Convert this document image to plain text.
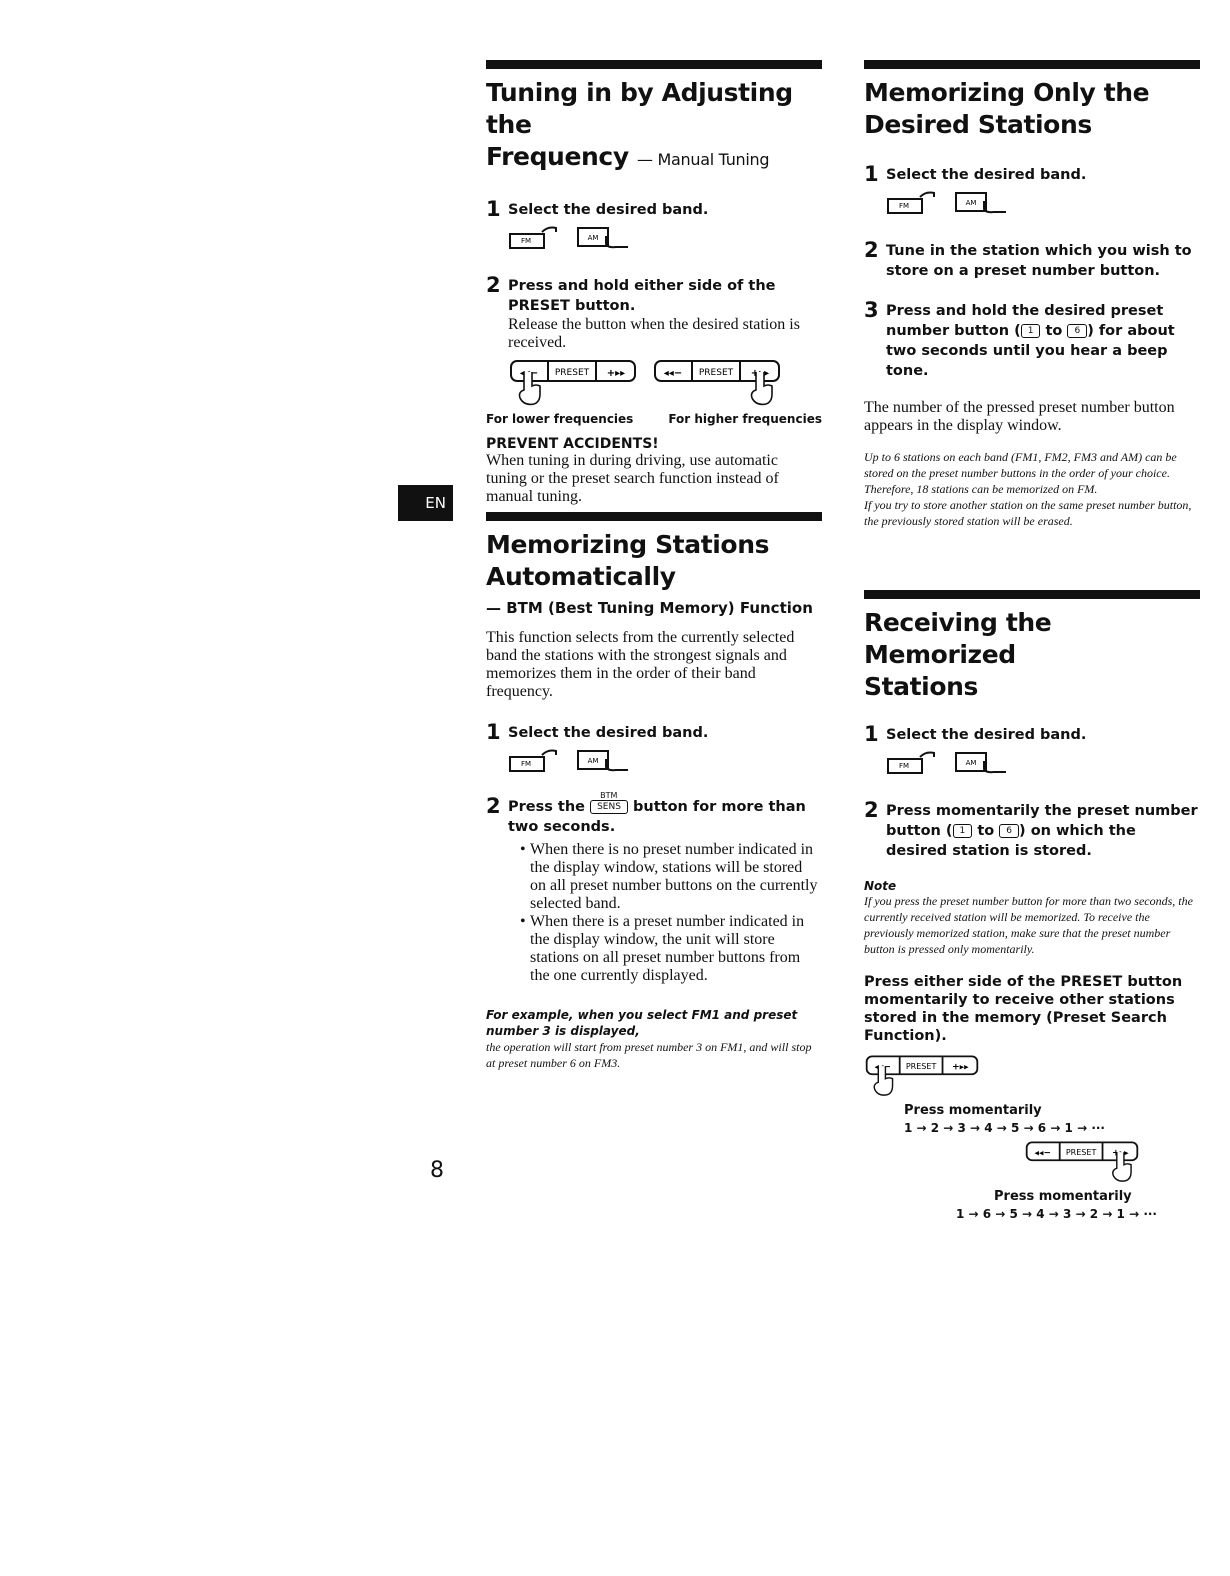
EN
8
Tuning in by Adjusting the
Frequency — Manual Tuning
1 Select the desired band.
2 Press and hold either side of the PRESET button.
Release the button when the desired station is received.
For lower frequencies	For higher frequencies
PREVENT ACCIDENTS!
When tuning in during driving, use automatic tuning or the preset search function instead of manual tuning.
Memorizing Stations
Automatically
— BTM (Best Tuning Memory) Function
This function selects from the currently selected band the stations with the strongest signals and memorizes them in the order of their band frequency.
1 Select the desired band.
2 Press the
BTM
SENS button for more than two seconds.
• When there is no preset number indicated in the display window, stations will be stored on all preset number buttons on the currently selected band.
• When there is a preset number indicated in the display window, the unit will store stations on all preset number buttons from the one currently displayed.
For example, when you select FM1 and preset number 3 is displayed,
the operation will start from preset number 3 on FM1, and will stop at preset number 6 on FM3.
Memorizing Only the
Desired Stations
1 Select the desired band.
2 Tune in the station which you wish to store on a preset number button.
3 Press and hold the desired preset number button ( 1 to 6 ) for about two seconds until you hear a beep tone.
The number of the pressed preset number button appears in the display window.
Up to 6 stations on each band (FM1, FM2, FM3 and AM) can be stored on the preset number buttons in the order of your choice. Therefore, 18 stations can be memorized on FM.
If you try to store another station on the same preset number button, the previously stored station will be erased.
Receiving the Memorized
Stations
1 Select the desired band.
2 Press momentarily the preset number button ( 1 to 6 ) on which the desired station is stored.
Note
If you press the preset number button for more than two seconds, the currently received station will be memorized. To receive the previously memorized station, make sure that the preset number button is pressed only momentarily.
Press either side of the PRESET button momentarily to receive other stations stored in the memory (Preset Search Function).
Press momentarily
1 → 2 → 3 → 4 → 5 → 6 → 1 → ···
Press momentarily
1 → 6 → 5 → 4 → 3 → 2 → 1 → ···
